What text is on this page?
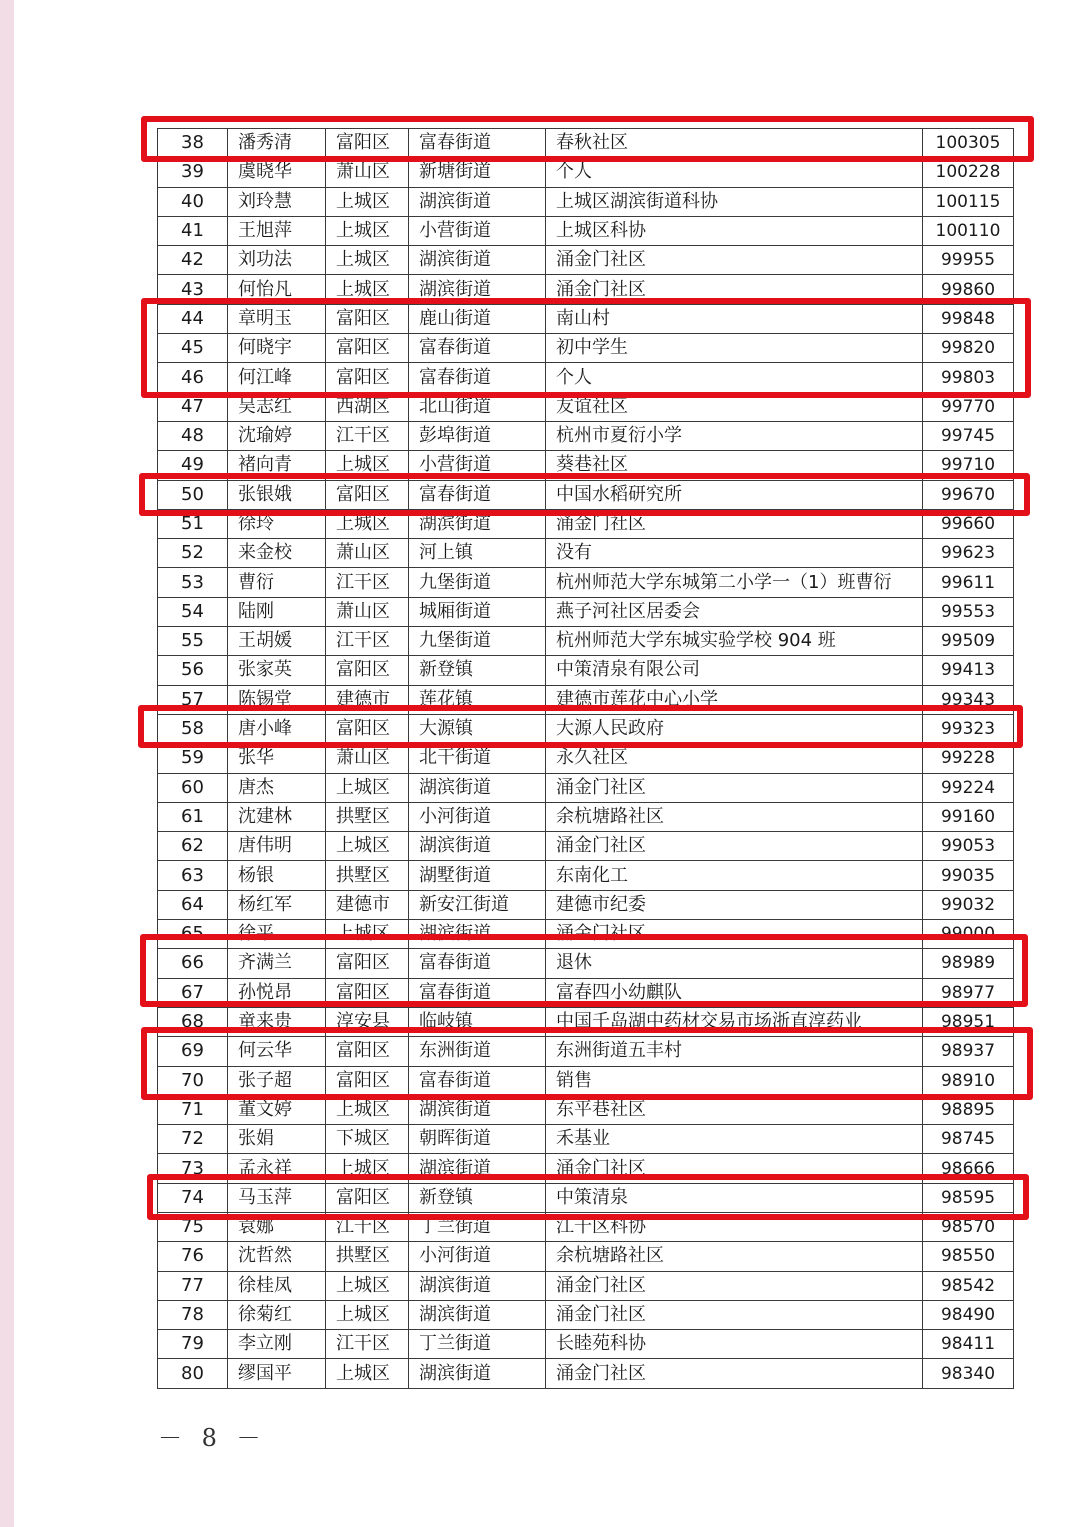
38	潘秀清	富阳区	富春街道	春秋社区	100305
39	虞晓华	萧山区	新塘街道	个人	100228
40	刘玲慧	上城区	湖滨街道	上城区湖滨街道科协	100115
41	王旭萍	上城区	小营街道	上城区科协	100110
42	刘功法	上城区	湖滨街道	涌金门社区	99955
43	何怡凡	上城区	湖滨街道	涌金门社区	99860
44	章明玉	富阳区	鹿山街道	南山村	99848
45	何晓宇	富阳区	富春街道	初中学生	99820
46	何江峰	富阳区	富春街道	个人	99803
47	吴志红	西湖区	北山街道	友谊社区	99770
48	沈瑜婷	江干区	彭埠街道	杭州市夏衍小学	99745
49	褚向青	上城区	小营街道	葵巷社区	99710
50	张银娥	富阳区	富春街道	中国水稻研究所	99670
51	徐玲	上城区	湖滨街道	涌金门社区	99660
52	来金校	萧山区	河上镇	没有	99623
53	曹衍	江干区	九堡街道	杭州师范大学东城第二小学一（1）班曹衍	99611
54	陆刚	萧山区	城厢街道	燕子河社区居委会	99553
55	王胡媛	江干区	九堡街道	杭州师范大学东城实验学校 904 班	99509
56	张家英	富阳区	新登镇	中策清泉有限公司	99413
57	陈锡堂	建德市	莲花镇	建德市莲花中心小学	99343
58	唐小峰	富阳区	大源镇	大源人民政府	99323
59	张华	萧山区	北干街道	永久社区	99228
60	唐杰	上城区	湖滨街道	涌金门社区	99224
61	沈建林	拱墅区	小河街道	余杭塘路社区	99160
62	唐伟明	上城区	湖滨街道	涌金门社区	99053
63	杨银	拱墅区	湖墅街道	东南化工	99035
64	杨红军	建德市	新安江街道	建德市纪委	99032
65	徐平	上城区	湖滨街道	涌金门社区	99000
66	齐满兰	富阳区	富春街道	退休	98989
67	孙悦昂	富阳区	富春街道	富春四小幼麒队	98977
68	童来贵	淳安县	临岐镇	中国千岛湖中药材交易市场浙直淳药业	98951
69	何云华	富阳区	东洲街道	东洲街道五丰村	98937
70	张子超	富阳区	富春街道	销售	98910
71	董文婷	上城区	湖滨街道	东平巷社区	98895
72	张娟	下城区	朝晖街道	禾基业	98745
73	孟永祥	上城区	湖滨街道	涌金门社区	98666
74	马玉萍	富阳区	新登镇	中策清泉	98595
75	袁娜	江干区	丁兰街道	江干区科协	98570
76	沈哲然	拱墅区	小河街道	余杭塘路社区	98550
77	徐桂凤	上城区	湖滨街道	涌金门社区	98542
78	徐菊红	上城区	湖滨街道	涌金门社区	98490
79	李立刚	江干区	丁兰街道	长睦苑科协	98411
80	缪国平	上城区	湖滨街道	涌金门社区	98340
－ 8 －
